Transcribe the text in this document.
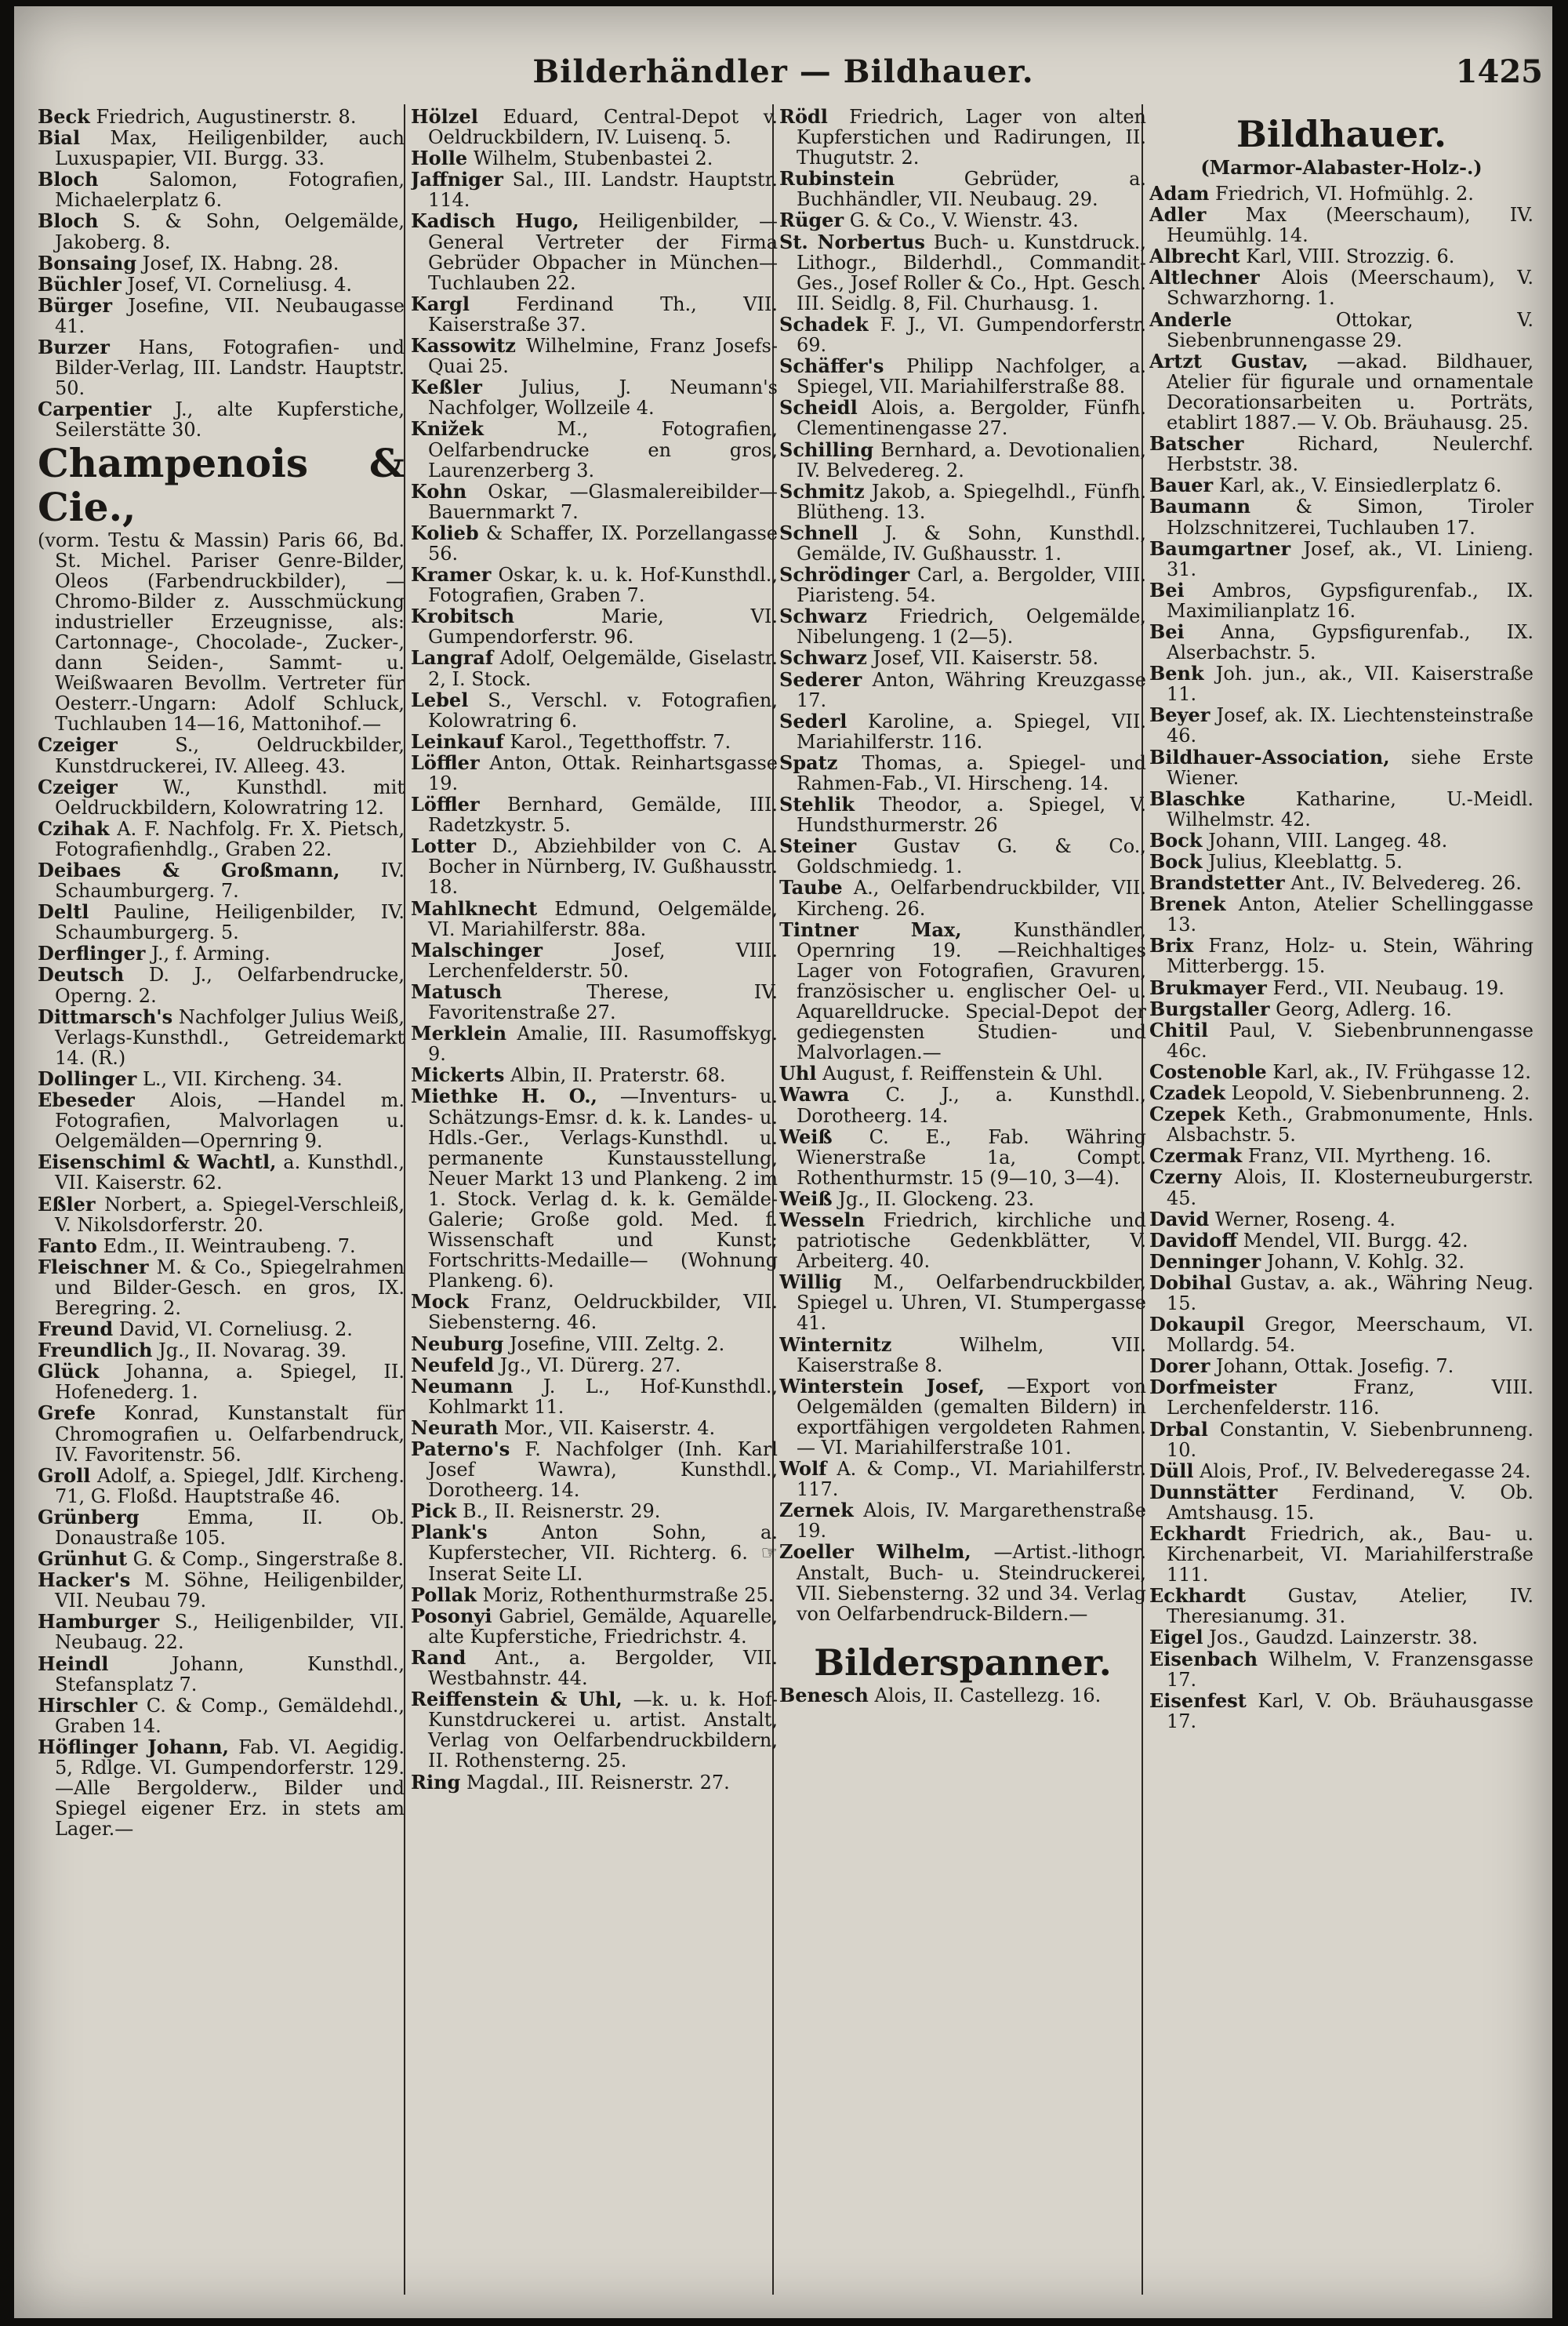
Bilderhändler — Bildhauer.	1425
Beck Friedrich, Augustinerstr. 8.
Bial Max, Heiligenbilder, auch Luxuspapier, VII. Burgg. 33.
Bloch	Salomon, Fotografien, Michaelerplatz 6.
Bloch S. & Sohn, Oelgemälde, Jakoberg. 8.
Bonsaing Josef, IX. Habng. 28.
Büchler Josef, VI. Corneliusg. 4.
Bürger Josefine, VII. Neubaugasse 41.
Burzer Hans, Fotografien- und Bilder-Verlag, III. Landstr. Hauptstr. 50.
Carpentier J., alte Kupferstiche, Seilerstätte 30.
Champenois & Cie.,
(vorm. Testu & Massin) Paris 66, Bd. St. Michel. Pariser Genre-Bilder, Oleos (Farbendruckbilder), —Chromo-Bilder z. Ausschmückung industrieller Erzeugnisse, als: Cartonnage-, Chocolade-, Zucker-, dann Seiden-, Sammt- u. Weißwaaren Bevollm. Vertreter für Oesterr.-Ungarn: Adolf Schluck, Tuchlauben 14—16, Mattonihof.—
Czeiger	S., Oeldruckbilder, Kunstdruckerei, IV. Alleeg. 43.
Czeiger W., Kunsthdl. mit Oeldruckbildern, Kolowratring 12.
Czihak A. F. Nachfolg. Fr. X. Pietsch, Fotografienhdlg., Graben 22.
Deibaes & Großmann, IV. Schaumburgerg. 7.
Deltl Pauline, Heiligenbilder, IV. Schaumburgerg. 5.
Derflinger J., f. Arming.
Deutsch D. J., Oelfarbendrucke, Operng. 2.
Dittmarsch's Nachfolger Julius Weiß, Verlags-Kunsthdl., Getreidemarkt 14. (R.)
Dollinger L., VII. Kircheng. 34.
Ebeseder Alois, —Handel m. Fotografien, Malvorlagen u. Oelgemälden—Opernring 9.
Eisenschiml & Wachtl, a. Kunsthdl., VII. Kaiserstr. 62.
Eßler Norbert, a. Spiegel-Verschleiß, V. Nikolsdorferstr. 20.
Fanto Edm., II. Weintraubeng. 7.
Fleischner M. & Co., Spiegelrahmen und Bilder-Gesch. en gros, IX. Beregring. 2.
Freund David, VI. Corneliusg. 2.
Freundlich Jg., II. Novarag. 39.
Glück Johanna, a. Spiegel, II. Hofenederg. 1.
Grefe Konrad, Kunstanstalt für Chromografien u. Oelfarbendruck, IV. Favoritenstr. 56.
Groll Adolf, a. Spiegel, Jdlf. Kircheng. 71, G. Floßd. Hauptstraße 46.
Grünberg	Emma, II. Ob. Donaustraße 105.
Grünhut G. & Comp., Singerstraße 8.
Hacker's M. Söhne, Heiligenbilder, VII. Neubau 79.
Hamburger S., Heiligenbilder, VII. Neubaug. 22.
Heindl	Johann, Kunsthdl., Stefansplatz 7.
Hirschler C. & Comp., Gemäldehdl., Graben 14.
Höflinger Johann, Fab. VI. Aegidig. 5, Rdlge. VI. Gumpendorferstr. 129. —Alle Bergolderw., Bilder und Spiegel eigener Erz. in stets am Lager.—
Hölzel Eduard, Central-Depot v. Oeldruckbildern, IV. Luisenq. 5.
Holle Wilhelm, Stubenbastei 2.
Jaffniger Sal., III. Landstr. Hauptstr. 114.
Kadisch Hugo, Heiligenbilder, —General Vertreter der Firma Gebrüder Obpacher in München—Tuchlauben 22.
Kargl Ferdinand Th., VII. Kaiserstraße 37.
Kassowitz Wilhelmine, Franz Josefs-Quai 25.
Keßler Julius, J. Neumann's Nachfolger, Wollzeile 4.
Knižek	M., Fotografien, Oelfarbendrucke en gros, Laurenzerberg 3.
Kohn Oskar, —Glasmalereibilder— Bauernmarkt 7.
Kolieb & Schaffer, IX. Porzellangasse 56.
Kramer Oskar, k. u. k. Hof-Kunsthdl., Fotografien, Graben 7.
Krobitsch	Marie, VI. Gumpendorferstr. 96.
Langraf Adolf, Oelgemälde, Giselastr. 2, I. Stock.
Lebel S., Verschl. v. Fotografien, Kolowratring 6.
Leinkauf Karol., Tegetthoffstr. 7.
Löffler Anton, Ottak. Reinhartsgasse 19.
Löffler Bernhard, Gemälde, III. Radetzkystr. 5.
Lotter D., Abziehbilder von C. A. Bocher in Nürnberg, IV. Gußhausstr. 18.
Mahlknecht Edmund, Oelgemälde, VI. Mariahilferstr. 88a.
Malschinger	Josef, VIII. Lerchenfelderstr. 50.
Matusch	Therese, IV. Favoritenstraße 27.
Merklein Amalie, III. Rasumoffskyg. 9.
Mickerts Albin, II. Praterstr. 68.
Miethke H. O., —Inventurs- u. Schätzungs-Emsr. d. k. k. Landes- u. Hdls.-Ger., Verlags-Kunsthdl. u. permanente Kunstausstellung, Neuer Markt 13 und Plankeng. 2 im 1. Stock. Verlag d. k. k. Gemälde-Galerie; Große gold. Med. f. Wissenschaft und Kunst; Fortschritts-Medaille— (Wohnung Plankeng. 6).
Mock Franz, Oeldruckbilder, VII. Siebensterng. 46.
Neuburg Josefine, VIII. Zeltg. 2.
Neufeld Jg., VI. Dürerg. 27.
Neumann J. L., Hof-Kunsthdl., Kohlmarkt 11.
Neurath Mor., VII. Kaiserstr. 4.
Paterno's F. Nachfolger (Inh. Karl Josef Wawra), Kunsthdl., Dorotheerg. 14.
Pick B., II. Reisnerstr. 29.
Plank's	Anton Sohn, a. Kupferstecher, VII. Richterg. 6. ☞ Inserat Seite LI.
Pollak Moriz, Rothenthurmstraße 25.
Posonyi Gabriel, Gemälde, Aquarelle, alte Kupferstiche, Friedrichstr. 4.
Rand Ant., a. Bergolder, VII. Westbahnstr. 44.
Reiffenstein & Uhl, —k. u. k. Hof-Kunstdruckerei u. artist. Anstalt, Verlag von Oelfarbendruckbildern, II. Rothensterng. 25.
Ring Magdal., III. Reisnerstr. 27.
Rödl Friedrich, Lager von alten Kupferstichen und Radirungen, II. Thugutstr. 2.
Rubinstein	Gebrüder, a. Buchhändler, VII. Neubaug. 29.
Rüger G. & Co., V. Wienstr. 43.
St. Norbertus Buch- u. Kunstdruck., Lithogr., Bilderhdl., Commandit-Ges., Josef Roller & Co., Hpt. Gesch. III. Seidlg. 8, Fil. Churhausg. 1.
Schadek F. J., VI. Gumpendorferstr. 69.
Schäffer's Philipp Nachfolger, a. Spiegel, VII. Mariahilferstraße 88.
Scheidl Alois, a. Bergolder, Fünfh. Clementinengasse 27.
Schilling Bernhard, a. Devotionalien, IV. Belvedereg. 2.
Schmitz Jakob, a. Spiegelhdl., Fünfh. Blütheng. 13.
Schnell J. & Sohn, Kunsthdl., Gemälde, IV. Gußhausstr. 1.
Schrödinger Carl, a. Bergolder, VIII. Piaristeng. 54.
Schwarz Friedrich, Oelgemälde, Nibelungeng. 1 (2—5).
Schwarz Josef, VII. Kaiserstr. 58.
Sederer Anton, Währing Kreuzgasse 17.
Sederl Karoline, a. Spiegel, VII. Mariahilferstr. 116.
Spatz Thomas, a. Spiegel- und Rahmen-Fab., VI. Hirscheng. 14.
Stehlik Theodor, a. Spiegel, V. Hundsthurmerstr. 26
Steiner Gustav G. & Co., Goldschmiedg. 1.
Taube A., Oelfarbendruckbilder, VII. Kircheng. 26.
Tintner Max,	Kunsthändler, Opernring 19. —Reichhaltiges Lager von Fotografien, Gravuren, französischer u. englischer Oel- u. Aquarelldrucke. Special-Depot der gediegensten Studien- und Malvorlagen.—
Uhl August, f. Reiffenstein & Uhl.
Wawra C. J., a. Kunsthdl., Dorotheerg. 14.
Weiß C. E., Fab. Währing Wienerstraße 1a, Compt. Rothenthurmstr. 15 (9—10, 3—4).
Weiß Jg., II. Glockeng. 23.
Wesseln Friedrich, kirchliche und patriotische Gedenkblätter, V. Arbeiterg. 40.
Willig M., Oelfarbendruckbilder, Spiegel u. Uhren, VI. Stumpergasse 41.
Winternitz	Wilhelm, VII. Kaiserstraße 8.
Winterstein Josef, —Export von Oelgemälden (gemalten Bildern) in exportfähigen vergoldeten Rahmen.— VI. Mariahilferstraße 101.
Wolf A. & Comp., VI. Mariahilferstr. 117.
Zernek Alois, IV. Margarethenstraße 19.
Zoeller Wilhelm, —Artist.-lithogr. Anstalt, Buch- u. Steindruckerei, VII. Siebensterng. 32 und 34. Verlag von Oelfarbendruck-Bildern.—
Bilderspanner.
Benesch Alois, II. Castellezg. 16.
Bildhauer.
(Marmor-Alabaster-Holz-.)
Adam Friedrich, VI. Hofmühlg. 2.
Adler Max (Meerschaum), IV. Heumühlg. 14.
Albrecht Karl, VIII. Strozzig. 6.
Altlechner Alois (Meerschaum), V. Schwarzhorng. 1.
Anderle	Ottokar, V. Siebenbrunnengasse 29.
Artzt Gustav, —akad. Bildhauer, Atelier für figurale und ornamentale Decorationsarbeiten u. Porträts, etablirt 1887.— V. Ob. Bräuhausg. 25.
Batscher	Richard, Neulerchf. Herbststr. 38.
Bauer Karl, ak., V. Einsiedlerplatz 6.
Baumann & Simon, Tiroler Holzschnitzerei, Tuchlauben 17.
Baumgartner Josef, ak., VI. Linieng. 31.
Bei Ambros, Gypsfigurenfab., IX. Maximilianplatz 16.
Bei Anna, Gypsfigurenfab., IX. Alserbachstr. 5.
Benk Joh. jun., ak., VII. Kaiserstraße 11.
Beyer Josef, ak. IX. Liechtensteinstraße 46.
Bildhauer-Association, siehe Erste Wiener.
Blaschke	Katharine, U.-Meidl. Wilhelmstr. 42.
Bock Johann, VIII. Langeg. 48.
Bock Julius, Kleeblattg. 5.
Brandstetter Ant., IV. Belvedereg. 26.
Brenek Anton, Atelier Schellinggasse 13.
Brix Franz, Holz- u. Stein, Währing Mitterbergg. 15.
Brukmayer Ferd., VII. Neubaug. 19.
Burgstaller Georg, Adlerg. 16.
Chitil Paul, V. Siebenbrunnengasse 46c.
Costenoble Karl, ak., IV. Frühgasse 12.
Czadek Leopold, V. Siebenbrunneng. 2.
Czepek Keth., Grabmonumente, Hnls. Alsbachstr. 5.
Czermak Franz, VII. Myrtheng. 16.
Czerny Alois, II. Klosterneuburgerstr. 45.
David Werner, Roseng. 4.
Davidoff Mendel, VII. Burgg. 42.
Denninger Johann, V. Kohlg. 32.
Dobihal Gustav, a. ak., Währing Neug. 15.
Dokaupil Gregor, Meerschaum, VI. Mollardg. 54.
Dorer Johann, Ottak. Josefig. 7.
Dorfmeister	Franz, VIII. Lerchenfelderstr. 116.
Drbal Constantin, V. Siebenbrunneng. 10.
Düll Alois, Prof., IV. Belvederegasse 24.
Dunnstätter Ferdinand, V. Ob. Amtshausg. 15.
Eckhardt Friedrich, ak., Bau- u. Kirchenarbeit, VI. Mariahilferstraße 111.
Eckhardt Gustav, Atelier, IV. Theresianumg. 31.
Eigel Jos., Gaudzd. Lainzerstr. 38.
Eisenbach Wilhelm, V. Franzensgasse 17.
Eisenfest Karl, V. Ob. Bräuhausgasse 17.
